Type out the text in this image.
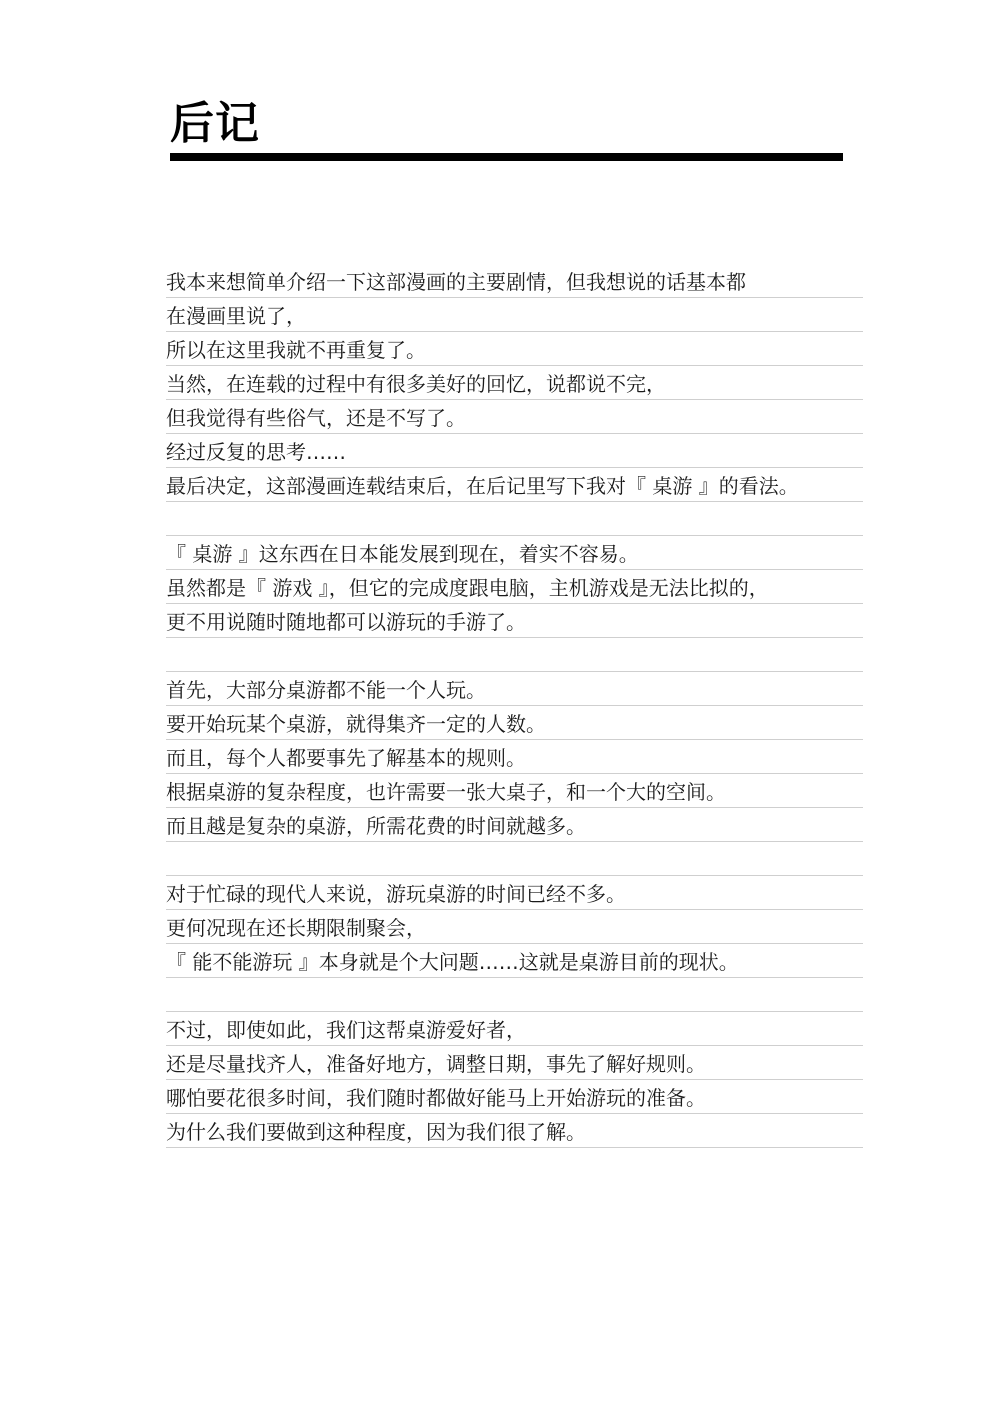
后记
我本来想简单介绍一下这部漫画的主要剧情，但我想说的话基本都
在漫画里说了，
所以在这里我就不再重复了。
当然，在连载的过程中有很多美好的回忆，说都说不完，
但我觉得有些俗气，还是不写了。
经过反复的思考……
最后决定，这部漫画连载结束后，在后记里写下我对『 桌游 』的看法。
『 桌游 』这东西在日本能发展到现在，着实不容易。
虽然都是『 游戏 』，但它的完成度跟电脑，主机游戏是无法比拟的，
更不用说随时随地都可以游玩的手游了。
首先，大部分桌游都不能一个人玩。
要开始玩某个桌游，就得集齐一定的人数。
而且，每个人都要事先了解基本的规则。
根据桌游的复杂程度，也许需要一张大桌子，和一个大的空间。
而且越是复杂的桌游，所需花费的时间就越多。
对于忙碌的现代人来说，游玩桌游的时间已经不多。
更何况现在还长期限制聚会，
『 能不能游玩 』本身就是个大问题……这就是桌游目前的现状。
不过，即使如此，我们这帮桌游爱好者，
还是尽量找齐人，准备好地方，调整日期，事先了解好规则。
哪怕要花很多时间，我们随时都做好能马上开始游玩的准备。
为什么我们要做到这种程度，因为我们很了解。
